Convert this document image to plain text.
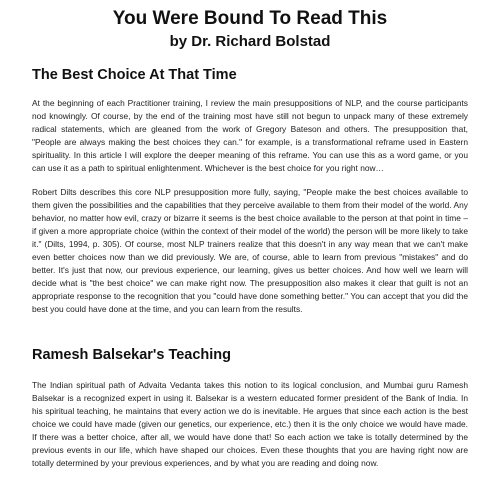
You Were Bound To Read This
by Dr. Richard Bolstad
The Best Choice At That Time

At the beginning of each Practitioner training, I review the main presuppositions of NLP, and the course participants nod knowingly. Of course, by the end of the training most have still not begun to unpack many of these extremely radical statements, which are gleaned from the work of Gregory Bateson and others. The presupposition that, "People are always making the best choices they can." for example, is a transformational reframe used in Eastern spirituality. In this article I will explore the deeper meaning of this reframe. You can use this as a word game, or you can use it as a path to spiritual enlightenment. Whichever is the best choice for you right now…

Robert Dilts describes this core NLP presupposition more fully, saying, "People make the best choices available to them given the possibilities and the capabilities that they perceive available to them from their model of the world. Any behavior, no matter how evil, crazy or bizarre it seems is the best choice available to the person at that point in time – if given a more appropriate choice (within the context of their model of the world) the person will be more likely to take it." (Dilts, 1994, p. 305). Of course, most NLP trainers realize that this doesn't in any way mean that we can't make even better choices now than we did previously. We are, of course, able to learn from previous "mistakes" and do better. It's just that now, our previous experience, our learning, gives us better choices. And how well we learn will decide what is "the best choice" we can make right now. The presupposition also makes it clear that guilt is not an appropriate response to the recognition that you "could have done something better." You can accept that you did the best you could have done at the time, and you can learn from the results.

Ramesh Balsekar's Teaching

The Indian spiritual path of Advaita Vedanta takes this notion to its logical conclusion, and Mumbai guru Ramesh Balsekar is a recognized expert in using it. Balsekar is a western educated former president of the Bank of India. In his spiritual teaching, he maintains that every action we do is inevitable. He argues that since each action is the best choice we could have made (given our genetics, our experience, etc.) then it is the only choice we would have made. If there was a better choice, after all, we would have done that! So each action we take is totally determined by the previous events in our life, which have shaped our choices. Even these thoughts that you are having right now are totally determined by your previous experiences, and by what you are reading and doing now.
